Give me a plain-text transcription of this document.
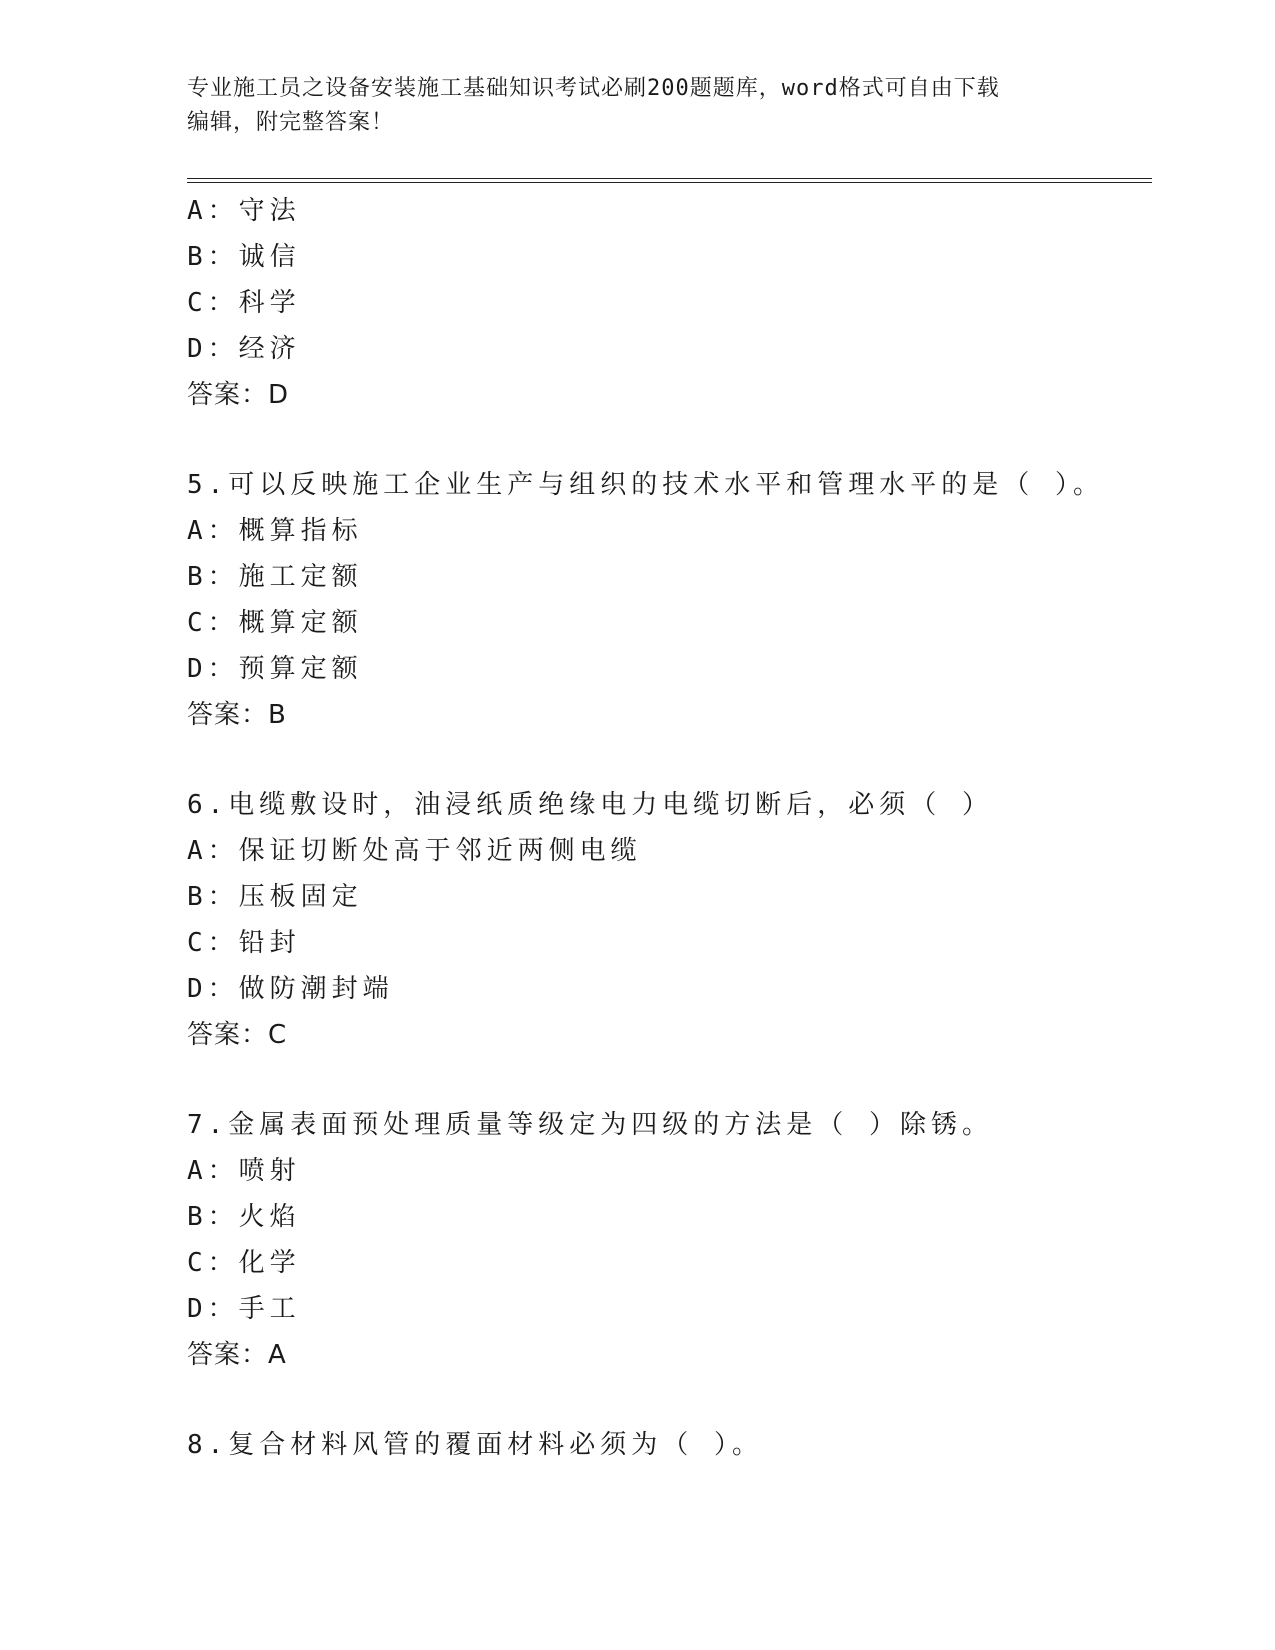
专业施工员之设备安装施工基础知识考试必刷200题题库，word格式可自由下载
编辑，附完整答案！
A：守法
B：诚信
C：科学
D：经济
答案：D
5.可以反映施工企业生产与组织的技术水平和管理水平的是（ ）。
A：概算指标
B：施工定额
C：概算定额
D：预算定额
答案：B
6.电缆敷设时，油浸纸质绝缘电力电缆切断后，必须（ ）
A：保证切断处高于邻近两侧电缆
B：压板固定
C：铅封
D：做防潮封端
答案：C
7.金属表面预处理质量等级定为四级的方法是（ ）除锈。
A：喷射
B：火焰
C：化学
D：手工
答案：A
8.复合材料风管的覆面材料必须为（ ）。
